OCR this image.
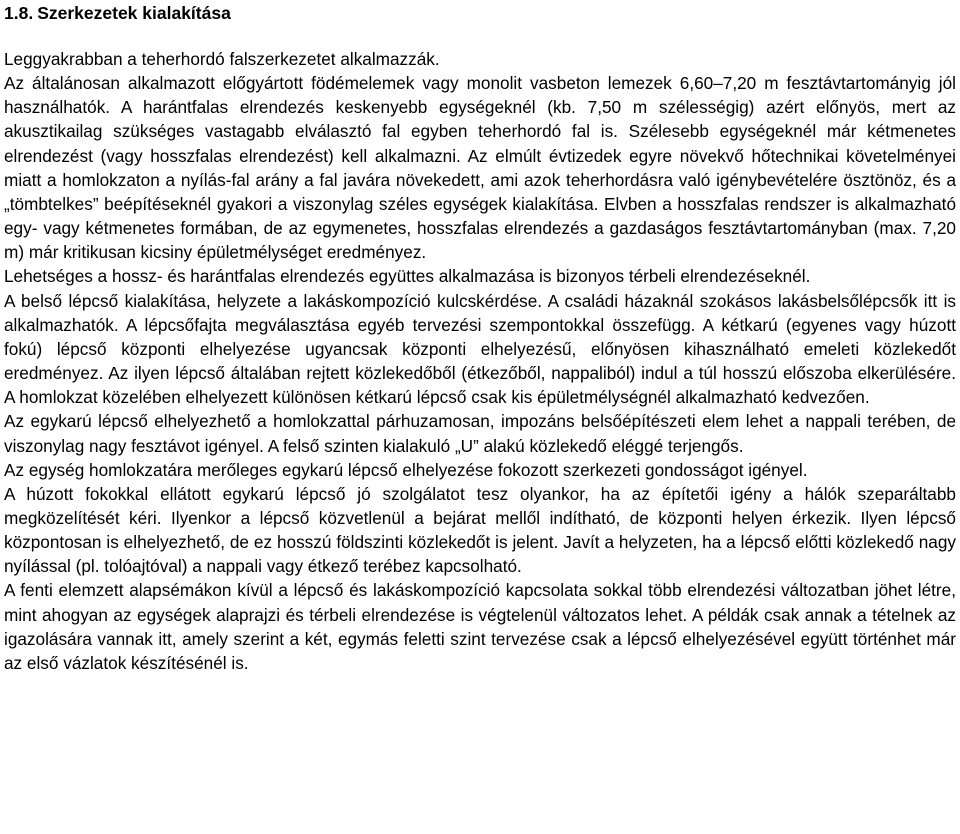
1.8. Szerkezetek kialakítása

Leggyakrabban a teherhordó falszerkezetet alkalmazzák.

Az általánosan alkalmazott előgyártott födémelemek vagy monolit vasbeton lemezek 6,60–7,20 m fesztávtartományig jól használhatók. A harántfalas elrendezés keskenyebb egységeknél (kb. 7,50 m szélességig) azért előnyös, mert az akusztikailag szükséges vastagabb elválasztó fal egyben teherhordó fal is. Szélesebb egységeknél már kétmenetes elrendezést (vagy hosszfalas elrendezést) kell alkalmazni. Az elmúlt évtizedek egyre növekvő hőtechnikai követelményei miatt a homlokzaton a nyílás-fal arány a fal javára növekedett, ami azok teherhordásra való igénybevételére ösztönöz, és a „tömbtelkes” beépítéseknél gyakori a viszonylag széles egységek kialakítása. Elvben a hosszfalas rendszer is alkalmazható egy- vagy kétmenetes formában, de az egymenetes, hosszfalas elrendezés a gazdaságos fesztávtartományban (max. 7,20 m) már kritikusan kicsiny épületmélységet eredményez.

Lehetséges a hossz- és harántfalas elrendezés együttes alkalmazása is bizonyos térbeli elrendezéseknél.

A belső lépcső kialakítása, helyzete a lakáskompozíció kulcskérdése. A családi házaknál szokásos lakásbelsőlépcsők itt is alkalmazhatók. A lépcsőfajta megválasztása egyéb tervezési szempontokkal összefügg. A kétkarú (egyenes vagy húzott fokú) lépcső központi elhelyezése ugyancsak központi elhelyezésű, előnyösen kihasználható emeleti közlekedőt eredményez. Az ilyen lépcső általában rejtett közlekedőből (étkezőből, nappaliból) indul a túl hosszú előszoba elkerülésére. A homlokzat közelében elhelyezett különösen kétkarú lépcső csak kis épületmélységnél alkalmazható kedvezően.

Az egykarú lépcső elhelyezhető a homlokzattal párhuzamosan, impozáns belsőépítészeti elem lehet a nappali terében, de viszonylag nagy fesztávot igényel. A felső szinten kialakuló „U” alakú közlekedő eléggé terjengős.

Az egység homlokzatára merőleges egykarú lépcső elhelyezése fokozott szerkezeti gondosságot igényel.

A húzott fokokkal ellátott egykarú lépcső jó szolgálatot tesz olyankor, ha az építetői igény a hálók szeparáltabb megközelítését kéri. Ilyenkor a lépcső közvetlenül a bejárat mellől indítható, de központi helyen érkezik. Ilyen lépcső központosan is elhelyezhető, de ez hosszú földszinti közlekedőt is jelent. Javít a helyzeten, ha a lépcső előtti közlekedő nagy nyílással (pl. tolóajtóval) a nappali vagy étkező terébez kapcsolható.

A fenti elemzett alapsémákon kívül a lépcső és lakáskompozíció kapcsolata sokkal több elrendezési változatban jöhet létre, mint ahogyan az egységek alaprajzi és térbeli elrendezése is végtelenül változatos lehet. A példák csak annak a tételnek az igazolására vannak itt, amely szerint a két, egymás feletti szint tervezése csak a lépcső elhelyezésével együtt történhet már az első vázlatok készítésénél is.
